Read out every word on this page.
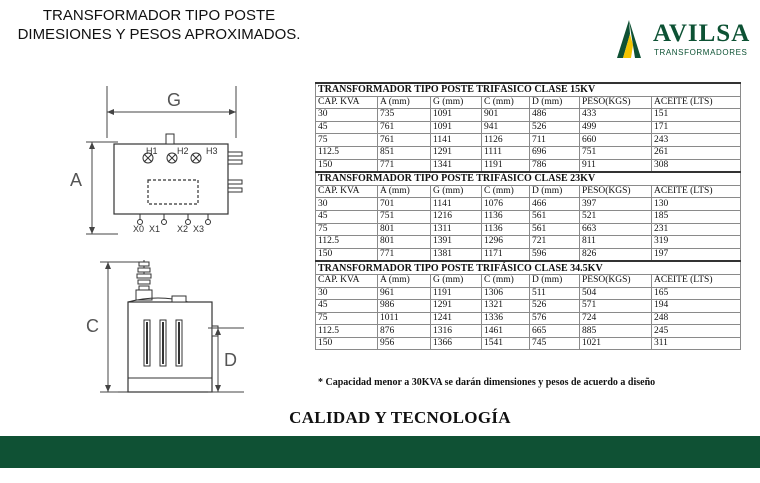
TRANSFORMADOR TIPO POSTE
DIMESIONES Y PESOS APROXIMADOS.	AVILSA
TRANSFORMADORES
G
A
H1 H2 H3
X0 X1 X2 X3
C
D
TRANSFORMADOR TIPO POSTE TRIFÁSICO CLASE 15KV						
CAP. KVA	A (mm)	G (mm)	C (mm)	D (mm)	PESO(KGS)	ACEITE (LTS)
30	735	1091	901	486	433	151
45	761	1091	941	526	499	171
75	761	1141	1126	711	660	243
112.5	851	1291	1111	696	751	261
150	771	1341	1191	786	911	308
TRANSFORMADOR TIPO POSTE TRIFÁSICO CLASE 23KV						
CAP. KVA	A (mm)	G (mm)	C (mm)	D (mm)	PESO(KGS)	ACEITE (LTS)
30	701	1141	1076	466	397	130
45	751	1216	1136	561	521	185
75	801	1311	1136	561	663	231
112.5	801	1391	1296	721	811	319
150	771	1381	1171	596	826	197
TRANSFORMADOR TIPO POSTE TRIFÁSICO CLASE 34.5KV						
CAP. KVA	A (mm)	G (mm)	C (mm)	D (mm)	PESO(KGS)	ACEITE (LTS)
30	961	1191	1306	511	504	165
45	986	1291	1321	526	571	194
75	1011	1241	1336	576	724	248
112.5	876	1316	1461	665	885	245
150	956	1366	1541	745	1021	311
* Capacidad menor a 30KVA se darán dimensiones y pesos de acuerdo a diseño
CALIDAD Y TECNOLOGÍA
